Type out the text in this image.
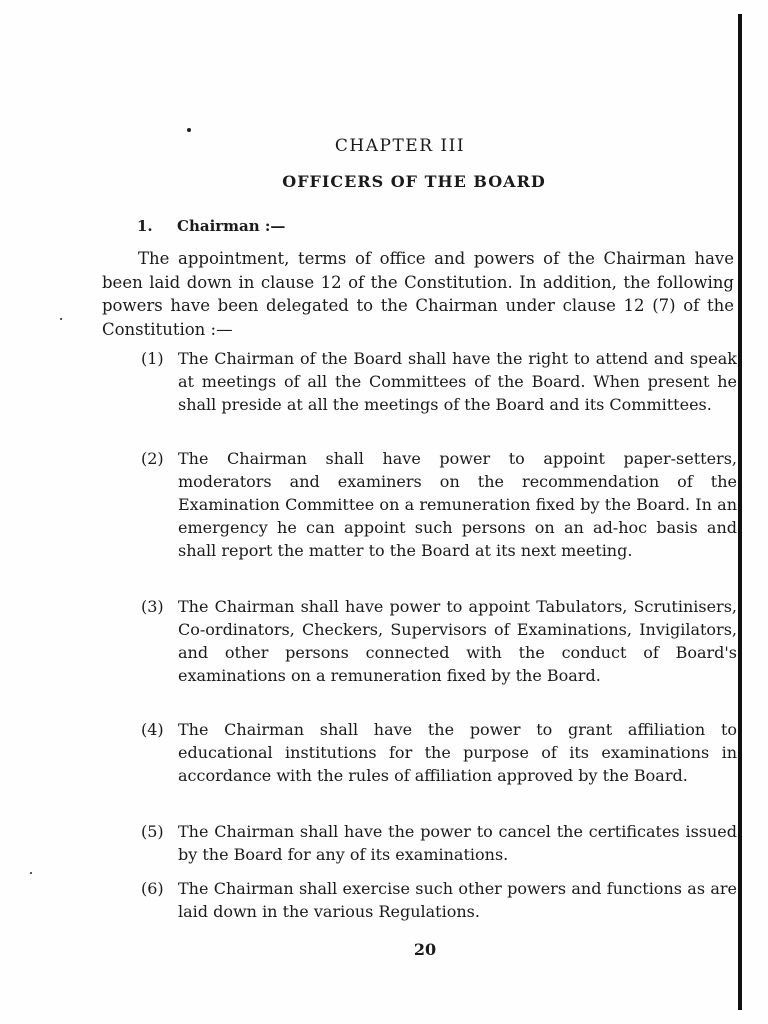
CHAPTER III
OFFICERS OF THE BOARD
1. Chairman :—

The appointment, terms of office and powers of the Chairman have been laid down in clause 12 of the Constitution. In addition, the following powers have been delegated to the Chairman under clause 12 (7) of the Constitution :—

(1) The Chairman of the Board shall have the right to attend and speak at meetings of all the Committees of the Board. When present he shall preside at all the meetings of the Board and its Committees.

(2) The Chairman shall have power to appoint paper-setters, moderators and examiners on the recommendation of the Examination Committee on a remuneration fixed by the Board. In an emergency he can appoint such persons on an ad-hoc basis and shall report the matter to the Board at its next meeting.

(3) The Chairman shall have power to appoint Tabulators, Scrutinisers, Co-ordinators, Checkers, Supervisors of Examinations, Invigilators, and other persons connected with the conduct of Board's examinations on a remuneration fixed by the Board.

(4) The Chairman shall have the power to grant affiliation to educational institutions for the purpose of its examinations in accordance with the rules of affiliation approved by the Board.

(5) The Chairman shall have the power to cancel the certificates issued by the Board for any of its examinations.

(6) The Chairman shall exercise such other powers and functions as are laid down in the various Regulations.

20
